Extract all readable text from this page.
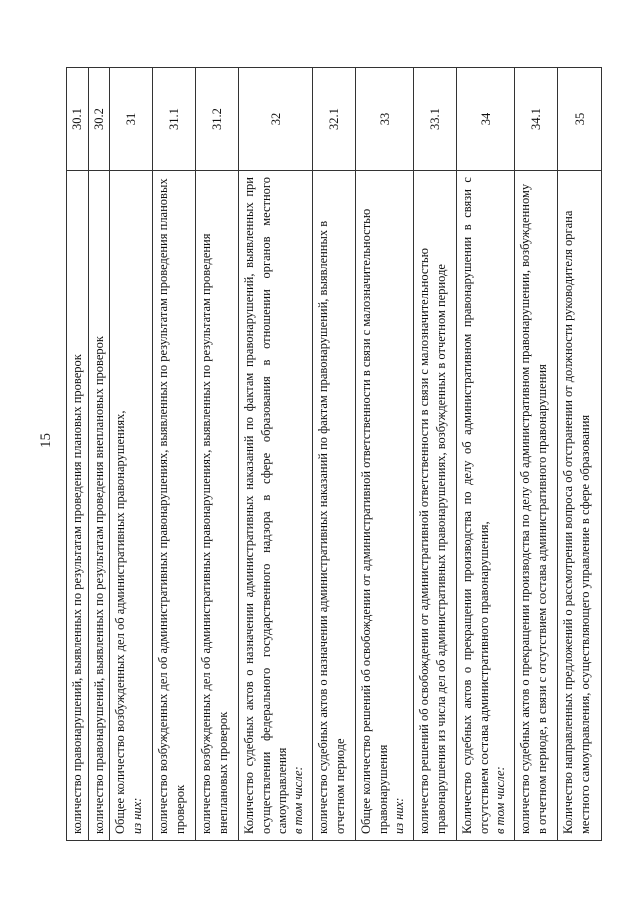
15 количество правонарушений, выявленных по результатам проведения плановых проверок	30.1
количество правонарушений, выявленных по результатам проведения внеплановых проверок	30.2
Общее количество возбужденных дел об административных правонарушениях, из них:	31
количество возбужденных дел об административных правонарушениях, выявленных по результатам проведения плановых проверок	31.1
количество возбужденных дел об административных правонарушениях, выявленных по результатам проведения внеплановых проверок	31.2
Количество судебных актов о назначении административных наказаний по фактам правонарушений, выявленных при осуществлении федерального государственного надзора в сфере образования в отношении органов местного самоуправления в том числе:	32
количество судебных актов о назначении административных наказаний по фактам правонарушений, выявленных в отчетном периоде	32.1
Общее количество решений об освобождении от административной ответственности в связи с малозначительностью правонарушения из них:	33
количество решений об освобождении от административной ответственности в связи с малозначительностью правонарушения из числа дел об административных правонарушениях, возбужденных в отчетном периоде	33.1
Количество судебных актов о прекращении производства по делу об административном правонарушении в связи с отсутствием состава административного правонарушения, в том числе:	34
количество судебных актов о прекращении производства по делу об административном правонарушении, возбужденному в отчетном периоде, в связи с отсутствием состава административного правонарушения	34.1
Количество направленных предложений о рассмотрении вопроса об отстранении от должности руководителя органа местного самоуправления, осуществляющего управление в сфере образования	35
